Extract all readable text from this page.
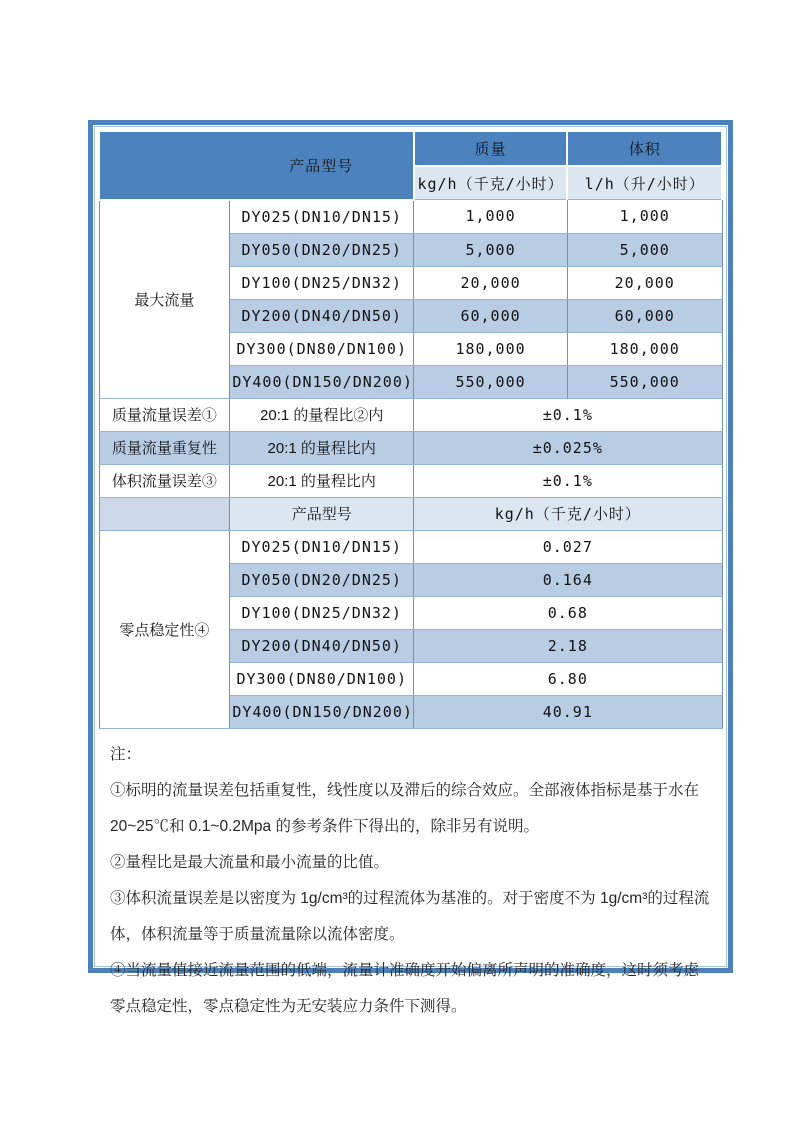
	产品型号	质量	体积
		kg/h（千克/小时）	l/h（升/小时）
最大流量	DY025(DN10/DN15)	1,000	1,000
	DY050(DN20/DN25)	5,000	5,000
	DY100(DN25/DN32)	20,000	20,000
	DY200(DN40/DN50)	60,000	60,000
	DY300(DN80/DN100)	180,000	180,000
	DY400(DN150/DN200)	550,000	550,000
质量流量误差①	20:1 的量程比②内	±0.1%	
质量流量重复性	20:1 的量程比内	±0.025%	
体积流量误差③	20:1 的量程比内	±0.1%	
	产品型号	kg/h（千克/小时）	
零点稳定性④	DY025(DN10/DN15)	0.027	
	DY050(DN20/DN25)	0.164	
	DY100(DN25/DN32)	0.68	
	DY200(DN40/DN50)	2.18	
	DY300(DN80/DN100)	6.80	
	DY400(DN150/DN200)	40.91	

注：

①标明的流量误差包括重复性，线性度以及滞后的综合效应。全部液体指标是基于水在 20~25℃和 0.1~0.2Mpa 的参考条件下得出的，除非另有说明。

②量程比是最大流量和最小流量的比值。

③体积流量误差是以密度为 1g/cm³的过程流体为基准的。对于密度不为 1g/cm³的过程流体，体积流量等于质量流量除以流体密度。

④当流量值接近流量范围的低端，流量计准确度开始偏离所声明的准确度，这时须考虑零点稳定性，零点稳定性为无安装应力条件下测得。
